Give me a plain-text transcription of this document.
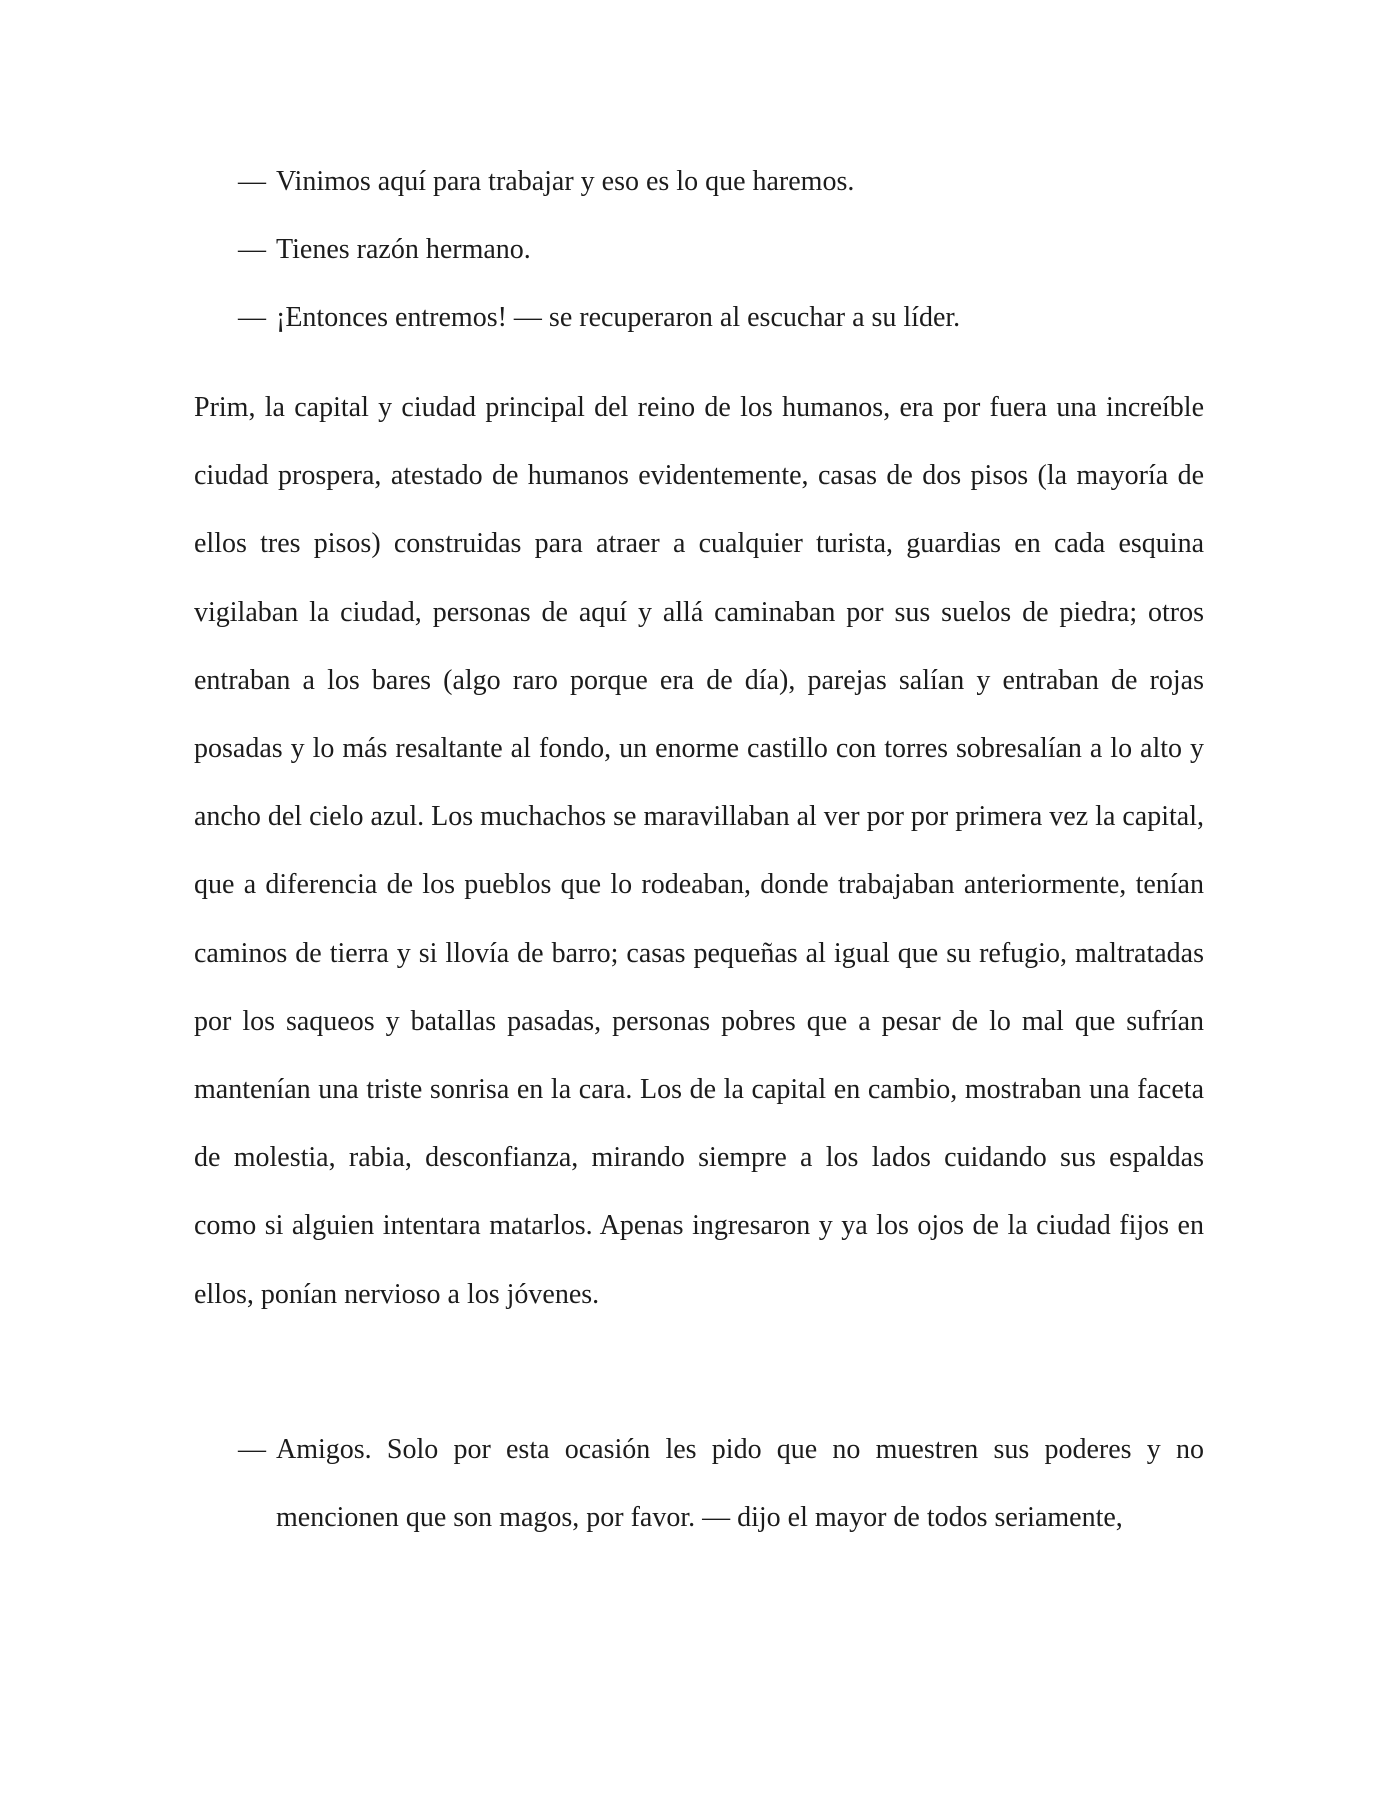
— Vinimos aquí para trabajar y eso es lo que haremos.

— Tienes razón hermano.

— ¡Entonces entremos! — se recuperaron al escuchar a su líder.

Prim, la capital y ciudad principal del reino de los humanos, era por fuera una increíble ciudad prospera, atestado de humanos evidentemente, casas de dos pisos (la mayoría de ellos tres pisos) construidas para atraer a cualquier turista, guardias en cada esquina vigilaban la ciudad, personas de aquí y allá caminaban por sus suelos de piedra; otros entraban a los bares (algo raro porque era de día), parejas salían y entraban de rojas posadas y lo más resaltante al fondo, un enorme castillo con torres sobresalían a lo alto y ancho del cielo azul. Los muchachos se maravillaban al ver por por primera vez la capital, que a diferencia de los pueblos que lo rodeaban, donde trabajaban anteriormente, tenían caminos de tierra y si llovía de barro; casas pequeñas al igual que su refugio, maltratadas por los saqueos y batallas pasadas, personas pobres que a pesar de lo mal que sufrían mantenían una triste sonrisa en la cara. Los de la capital en cambio, mostraban una faceta de molestia, rabia, desconfianza, mirando siempre a los lados cuidando sus espaldas como si alguien intentara matarlos. Apenas ingresaron y ya los ojos de la ciudad fijos en ellos, ponían nervioso a los jóvenes.

— Amigos. Solo por esta ocasión les pido que no muestren sus poderes y no mencionen que son magos, por favor. — dijo el mayor de todos seriamente,
